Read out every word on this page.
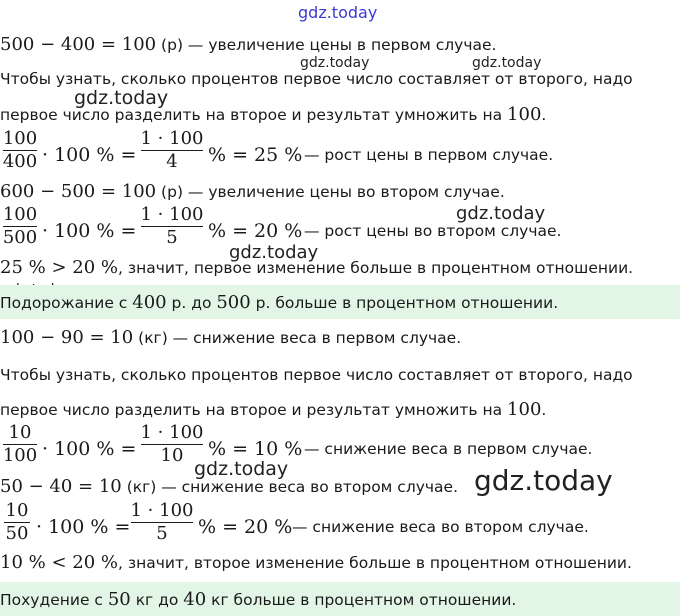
gdz.today
gdz.today	gdz.today
gdz.today
gdz.today
gdz.today
gdz.today	gdz.today
500 − 400 = 100 (р) — увеличение цены в первом случае.
Чтобы узнать, сколько процентов первое число составляет от второго, надо
первое число разделить на второе и результат умножить на 100.
100
400 · 100 % =
1 · 100
4	% = 25 % — рост цены в первом случае.
600 − 500 = 100 (р) — увеличение цены во втором случае.
100
500 · 100 % =
1 · 100
5	% = 20 % — рост цены во втором случае.
25 % > 20 %, значит, первое изменение больше в процентном отношении.
Подорожание с 400 р. до 500 р. больше в процентном отношении.
100 − 90 = 10 (кг) — снижение веса в первом случае.
Чтобы узнать, сколько процентов первое число составляет от второго, надо
первое число разделить на второе и результат умножить на 100.
10
100 · 100 % =
1 · 100
10	% = 10 % — снижение веса в первом случае.
50 − 40 = 10 (кг) — снижение веса во втором случае.
10
50 · 100 % =
1 · 100
5	% = 20 % — снижение веса во втором случае.
10 % < 20 %, значит, второе изменение больше в процентном отношении.
Похудение с 50 кг до 40 кг больше в процентном отношении.
